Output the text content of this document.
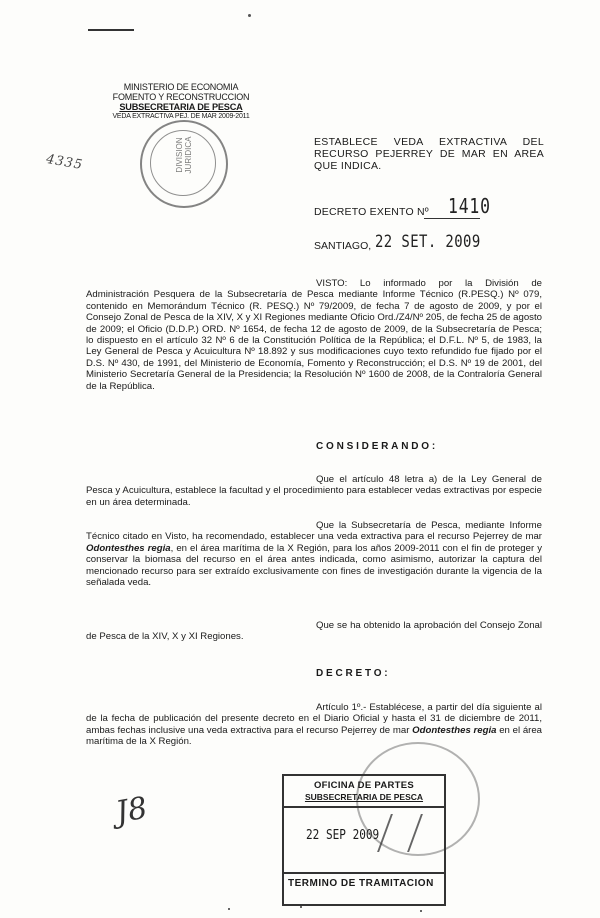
MINISTERIO DE ECONOMIA
FOMENTO Y RECONSTRUCCION
SUBSECRETARIA DE PESCA
VEDA EXTRACTIVA PEJ. DE MAR 2009-2011
DIVISION JURIDICA
4335
ESTABLECE VEDA EXTRACTIVA DEL RECURSO PEJERREY DE MAR EN AREA QUE INDICA.
DECRETO EXENTO Nº 1410
SANTIAGO, 22 SET. 2009
VISTO: Lo informado por la División de Administración Pesquera de la Subsecretaría de Pesca mediante Informe Técnico (R.PESQ.) Nº 079, contenido en Memorándum Técnico (R. PESQ.) Nº 79/2009, de fecha 7 de agosto de 2009, y por el Consejo Zonal de Pesca de la XIV, X y XI Regiones mediante Oficio Ord./Z4/Nº 205, de fecha 25 de agosto de 2009; el Oficio (D.D.P.) ORD. Nº 1654, de fecha 12 de agosto de 2009, de la Subsecretaría de Pesca; lo dispuesto en el artículo 32 Nº 6 de la Constitución Política de la República; el D.F.L. Nº 5, de 1983, la Ley General de Pesca y Acuicultura Nº 18.892 y sus modificaciones cuyo texto refundido fue fijado por el D.S. Nº 430, de 1991, del Ministerio de Economía, Fomento y Reconstrucción; el D.S. Nº 19 de 2001, del Ministerio Secretaría General de la Presidencia; la Resolución Nº 1600 de 2008, de la Contraloría General de la República.
CONSIDERANDO:
Que el artículo 48 letra a) de la Ley General de Pesca y Acuicultura, establece la facultad y el procedimiento para establecer vedas extractivas por especie en un área determinada.
Que la Subsecretaría de Pesca, mediante Informe Técnico citado en Visto, ha recomendado, establecer una veda extractiva para el recurso Pejerrey de mar Odontesthes regia, en el área marítima de la X Región, para los años 2009-2011 con el fin de proteger y conservar la biomasa del recurso en el área antes indicada, como asimismo, autorizar la captura del mencionado recurso para ser extraído exclusivamente con fines de investigación durante la vigencia de la señalada veda.
Que se ha obtenido la aprobación del Consejo Zonal de Pesca de la XIV, X y XI Regiones.
DECRETO:
Artículo 1º.- Establécese, a partir del día siguiente al de la fecha de publicación del presente decreto en el Diario Oficial y hasta el 31 de diciembre de 2011, ambas fechas inclusive una veda extractiva para el recurso Pejerrey de mar Odontesthes regia en el área marítima de la X Región.
OFICINA DE PARTES
SUBSECRETARIA DE PESCA
22 SEP 2009
TERMINO DE TRAMITACION
J8
